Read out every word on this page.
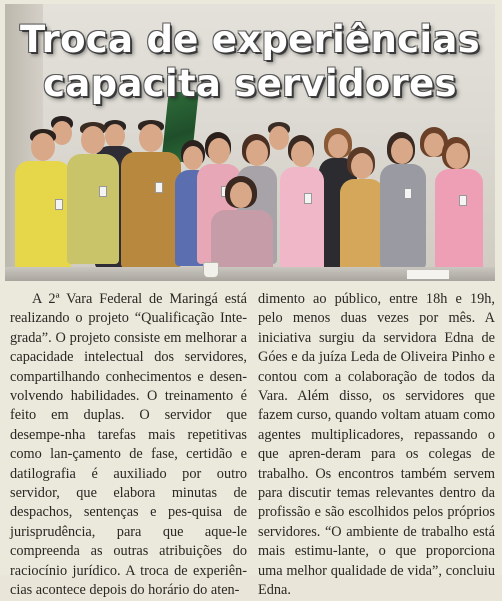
Troca de experiências
capacita servidores

A 2ª Vara Federal de Maringá está realizando o projeto “Qualificação Inte-grada”. O projeto consiste em melhorar a capacidade intelectual dos servidores, compartilhando conhecimentos e desen-volvendo habilidades. O treinamento é feito em duplas. O servidor que desempe-nha tarefas mais repetitivas como lan-çamento de fase, certidão e datilografia é auxiliado por outro servidor, que elabora minutas de despachos, sentenças e pes-quisa de jurisprudência, para que aque-le compreenda as outras atribuições do raciocínio jurídico. A troca de experiên-cias acontece depois do horário do aten-

dimento ao público, entre 18h e 19h, pelo menos duas vezes por mês. A iniciativa surgiu da servidora Edna de Góes e da juíza Leda de Oliveira Pinho e contou com a colaboração de todos da Vara. Além disso, os servidores que fazem curso, quando voltam atuam como agentes multiplicadores, repassando o que apren-deram para os colegas de trabalho. Os encontros também servem para discutir temas relevantes dentro da profissão e são escolhidos pelos próprios servidores. “O ambiente de trabalho está mais estimu-lante, o que proporciona uma melhor qualidade de vida”, concluiu Edna.
